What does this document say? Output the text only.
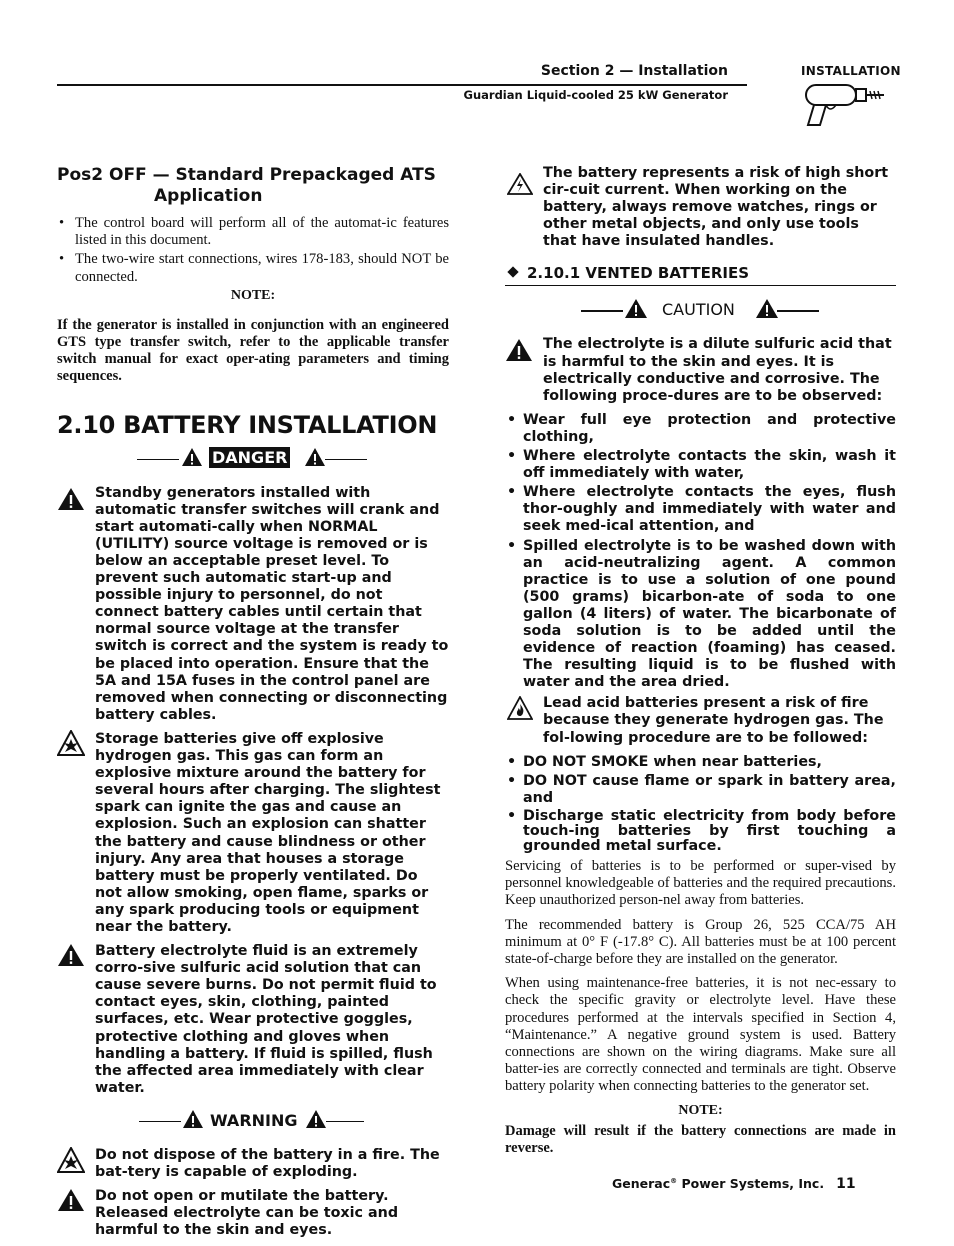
Section 2 — Installation
Guardian Liquid-cooled 25 kW Generator
INSTALLATION
Pos2 OFF — Standard Prepackaged ATS
Application
• The control board will perform all of the automat-ic features listed in this document.
• The two-wire start connections, wires 178-183, should NOT be connected.
NOTE:
If the generator is installed in conjunction with an engineered GTS type transfer switch, refer to the applicable transfer switch manual for exact oper-ating parameters and timing sequences.
2.10 BATTERY INSTALLATION
DANGER
Standby generators installed with automatic transfer switches will crank and start automati-cally when NORMAL (UTILITY) source voltage is removed or is below an acceptable preset level. To prevent such automatic start-up and possible injury to personnel, do not connect battery cables until certain that normal source voltage at the transfer switch is correct and the system is ready to be placed into operation. Ensure that the 5A and 15A fuses in the control panel are removed when connecting or disconnecting battery cables.
Storage batteries give off explosive hydrogen gas. This gas can form an explosive mixture around the battery for several hours after charging. The slightest spark can ignite the gas and cause an explosion. Such an explosion can shatter the battery and cause blindness or other injury. Any area that houses a storage battery must be properly ventilated. Do not allow smoking, open flame, sparks or any spark producing tools or equipment near the battery.
Battery electrolyte fluid is an extremely corro-sive sulfuric acid solution that can cause severe burns. Do not permit fluid to contact eyes, skin, clothing, painted surfaces, etc. Wear protective goggles, protective clothing and gloves when handling a battery. If fluid is spilled, flush the affected area immediately with clear water.
WARNING
Do not dispose of the battery in a fire. The bat-tery is capable of exploding.
Do not open or mutilate the battery. Released electrolyte can be toxic and harmful to the skin and eyes.
The battery represents a risk of high short cir-cuit current. When working on the battery, always remove watches, rings or other metal objects, and only use tools that have insulated handles.
2.10.1 VENTED BATTERIES
CAUTION
The electrolyte is a dilute sulfuric acid that is harmful to the skin and eyes. It is electrically conductive and corrosive. The following proce-dures are to be observed:
• Wear full eye protection and protective clothing,
• Where electrolyte contacts the skin, wash it off immediately with water,
• Where electrolyte contacts the eyes, flush thor-oughly and immediately with water and seek med-ical attention, and
• Spilled electrolyte is to be washed down with an acid-neutralizing agent. A common practice is to use a solution of one pound (500 grams) bicarbon-ate of soda to one gallon (4 liters) of water. The bicarbonate of soda solution is to be added until the evidence of reaction (foaming) has ceased. The resulting liquid is to be flushed with water and the area dried.
Lead acid batteries present a risk of fire because they generate hydrogen gas. The fol-lowing procedure are to be followed:
• DO NOT SMOKE when near batteries,
• DO NOT cause flame or spark in battery area, and
• Discharge static electricity from body before touch-ing batteries by first touching a grounded metal surface.

Servicing of batteries is to be performed or super-vised by personnel knowledgeable of batteries and the required precautions. Keep unauthorized person-nel away from batteries.

The recommended battery is Group 26, 525 CCA/75 AH minimum at 0° F (-17.8° C). All batteries must be at 100 percent state-of-charge before they are installed on the generator.

When using maintenance-free batteries, it is not nec-essary to check the specific gravity or electrolyte level. Have these procedures performed at the intervals specified in Section 4, “Maintenance.” A negative ground system is used. Battery connections are shown on the wiring diagrams. Make sure all batter-ies are correctly connected and terminals are tight. Observe battery polarity when connecting batteries to the generator set.

NOTE:
Damage will result if the battery connections are made in reverse.
Generac® Power Systems, Inc. 11
